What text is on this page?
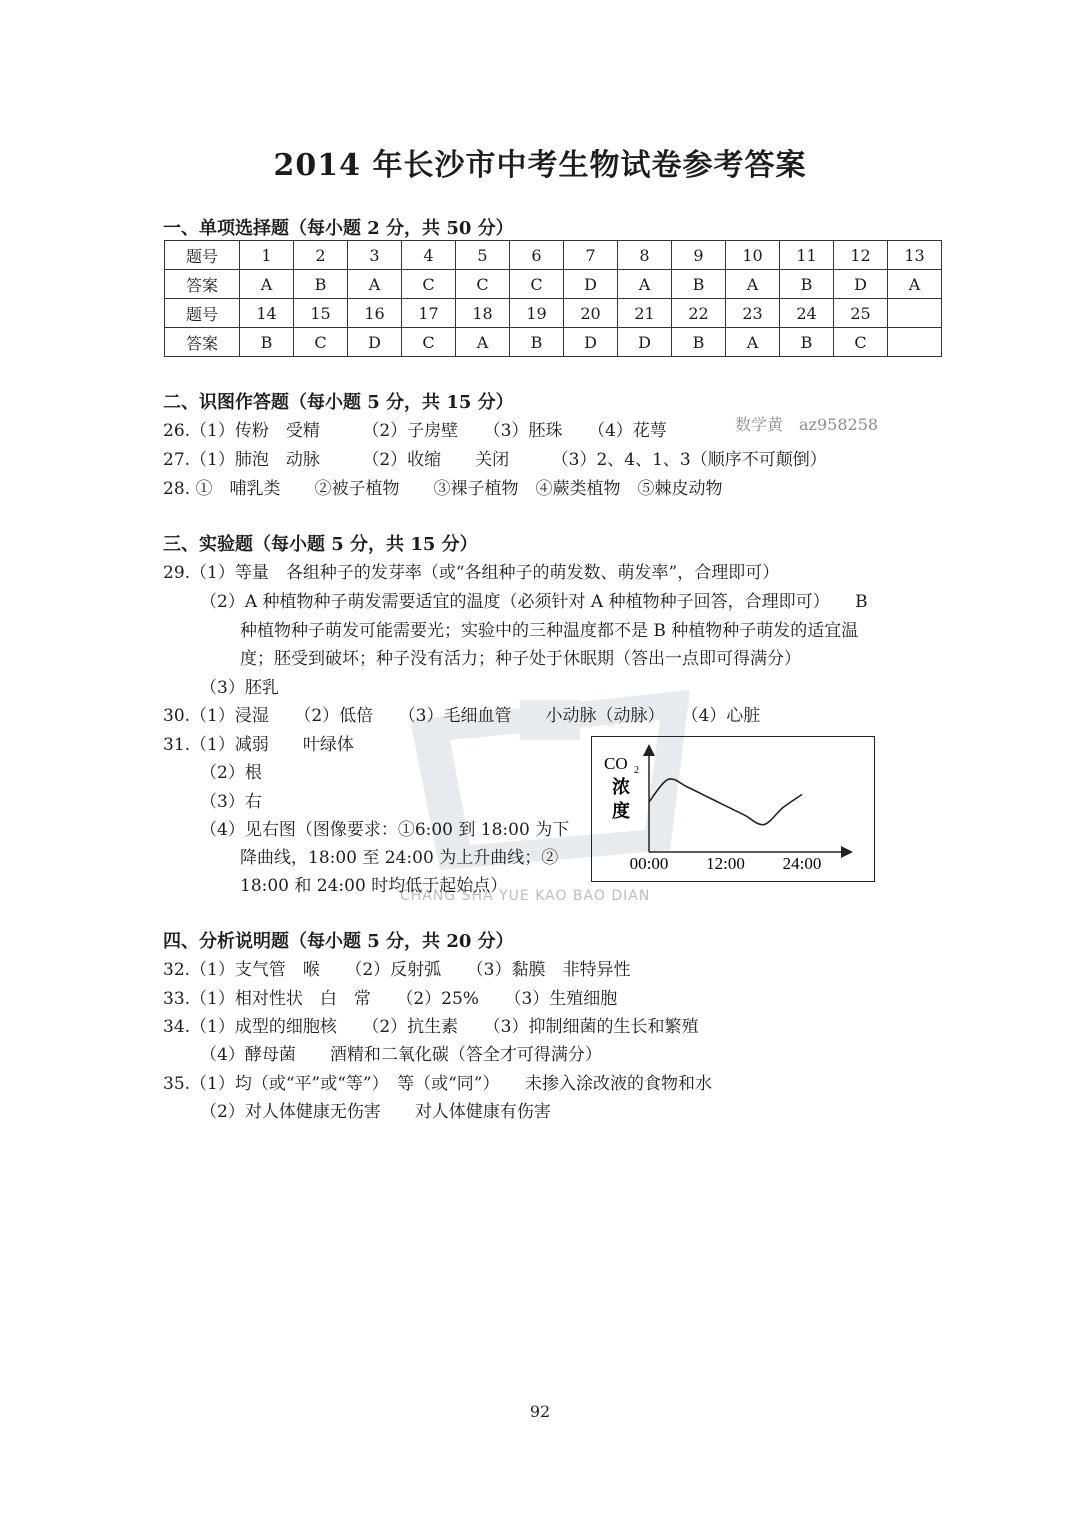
2014 年长沙市中考生物试卷参考答案
一、单项选择题（每小题 2 分，共 50 分）
题号	1	2	3	4	5	6	7	8	9	10	11	12	13
答案	A	B	A	C	C	C	D	A	B	A	B	D	A
题号	14	15	16	17	18	19	20	21	22	23	24	25	
答案	B	C	D	C	A	B	D	D	B	A	B	C	
二、识图作答题（每小题 5 分，共 15 分）
26.（1）传粉　受精　　　（2）子房壁　　（3）胚珠　　（4）花萼	数学黄　az958258
27.（1）肺泡　动脉　　　（2）收缩　　关闭　　　（3）2、4、1、3（顺序不可颠倒）
28. ①　哺乳类　　②被子植物　　③裸子植物　④蕨类植物　⑤棘皮动物
CHANG SHA YUE KAO BAO DIAN
三、实验题（每小题 5 分，共 15 分）
29.（1）等量　各组种子的发芽率（或“各组种子的萌发数、萌发率”，合理即可）
（2）A 种植物种子萌发需要适宜的温度（必须针对 A 种植物种子回答，合理即可）　　B
种植物种子萌发可能需要光；实验中的三种温度都不是 B 种植物种子萌发的适宜温
度；胚受到破坏；种子没有活力；种子处于休眠期（答出一点即可得满分）
（3）胚乳
30.（1）浸湿　　（2）低倍　　（3）毛细血管　　小动脉（动脉）　　（4）心脏
31.（1）减弱　　叶绿体
（2）根
（3）右
（4）见右图（图像要求：①6:00 到 18:00 为下
降曲线，18:00 至 24:00 为上升曲线；②
18:00 和 24:00 时均低于起始点）
CO 2
浓
度
00:00 12:00 24:00
四、分析说明题（每小题 5 分，共 20 分）
32.（1）支气管　喉　　（2）反射弧　　（3）黏膜　非特异性
33.（1）相对性状　白　常　　（2）25%　　（3）生殖细胞
34.（1）成型的细胞核　　（2）抗生素　　（3）抑制细菌的生长和繁殖
（4）酵母菌　　酒精和二氧化碳（答全才可得满分）
35.（1）均（或“平”或“等”）　等（或“同”）　　未掺入涂改液的食物和水
（2）对人体健康无伤害　　对人体健康有伤害
92
